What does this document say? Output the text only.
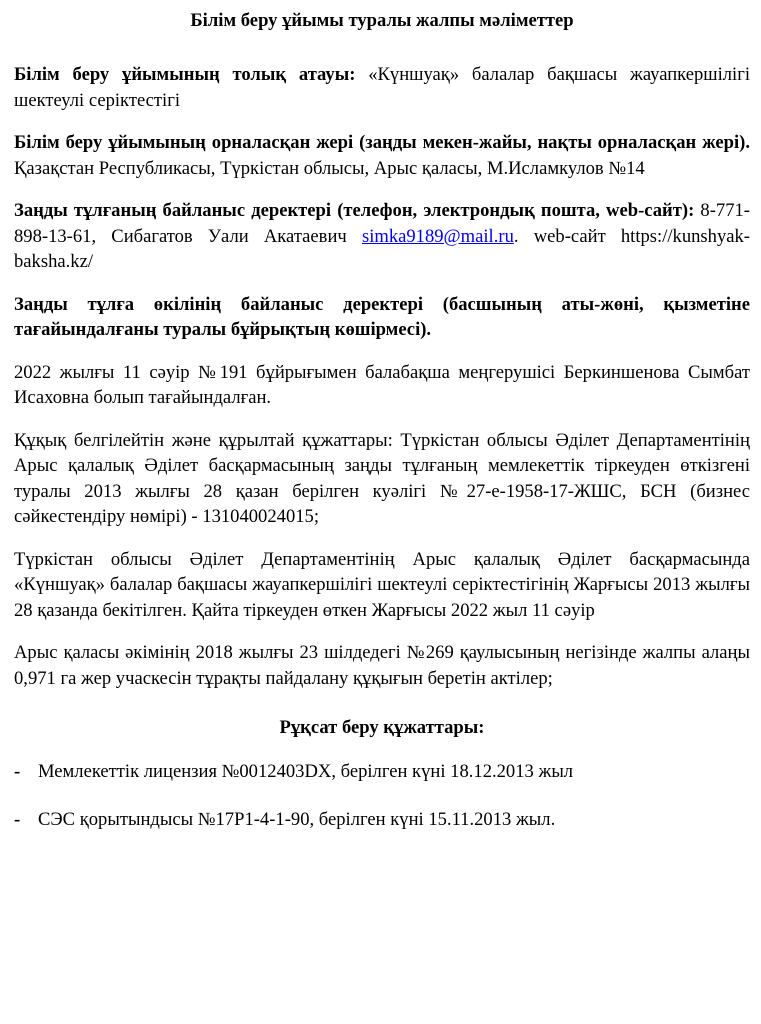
Білім беру ұйымы туралы жалпы мәліметтер

Білім беру ұйымының толық атауы: «Күншуақ» балалар бақшасы жауапкершілігі шектеулі серіктестігі

Білім беру ұйымының орналасқан жері (заңды мекен-жайы, нақты орналасқан жері). Қазақстан Республикасы, Түркістан облысы, Арыс қаласы, М.Исламкулов №14

Заңды тұлғаның байланыс деректері (телефон, электрондық пошта, web-сайт): 8-771-898-13-61, Сибагатов Уали Акатаевич simka9189@mail.ru. web-сайт https://kunshyak-baksha.kz/

Заңды тұлға өкілінің байланыс деректері (басшының аты-жөні, қызметіне тағайындалғаны туралы бұйрықтың көшірмесі).

2022 жылғы 11 сәуір №191 бұйрығымен балабақша меңгерушісі Беркиншенова Сымбат Исаховна болып тағайындалған.

Құқық белгілейтін және құрылтай құжаттары: Түркістан облысы Әділет Департаментінің Арыс қалалық Әділет басқармасының заңды тұлғаның мемлекеттік тіркеуден өткізгені туралы 2013 жылғы 28 қазан берілген куәлігі №27-е-1958-17-ЖШС, БСН (бизнес сәйкестендіру нөмірі) - 131040024015;

Түркістан облысы Әділет Департаментінің Арыс қалалық Әділет басқармасында «Күншуақ» балалар бақшасы жауапкершілігі шектеулі серіктестігінің Жарғысы 2013 жылғы 28 қазанда бекітілген. Қайта тіркеуден өткен Жарғысы 2022 жыл 11 сәуір

Арыс қаласы әкімінің 2018 жылғы 23 шілдедегі №269 қаулысының негізінде жалпы алаңы 0,971 га жер учаскесін тұрақты пайдалану құқығын беретін актілер;

Рұқсат беру құжаттары:
- Мемлекеттік лицензия №0012403DX, берілген күні 18.12.2013 жыл
- СЭС қорытындысы №17Р1-4-1-90, берілген күні 15.11.2013 жыл.
